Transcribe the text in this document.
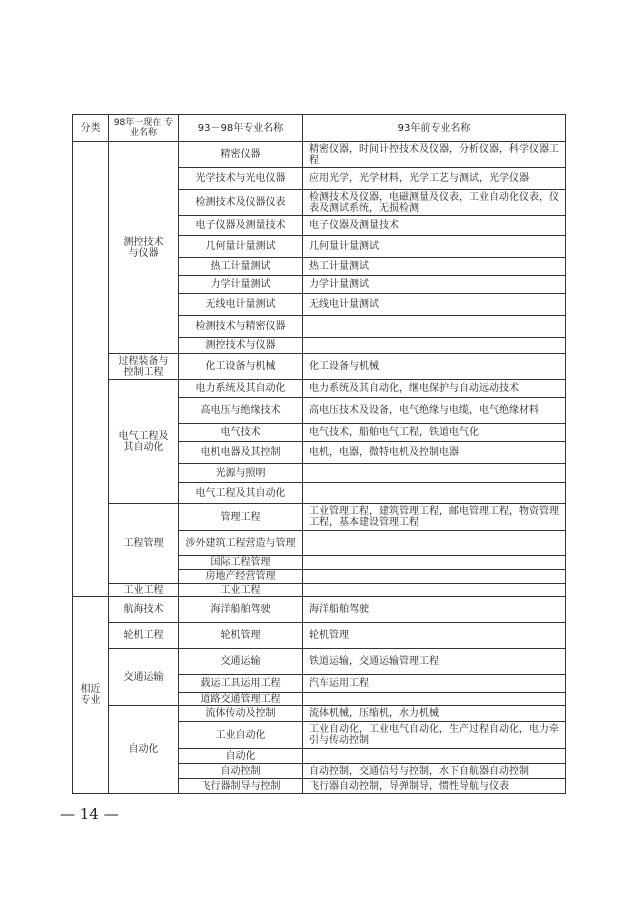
分类	98年一现在 专业名称	93－98年专业名称	93年前专业名称
	测控技术与仪器	精密仪器	精密仪器，时间计控技术及仪器，分析仪器，科学仪器工程
		光学技术与光电仪器	应用光学，光学材料，光学工艺与测试，光学仪器
		检测技术及仪器仪表	检测技术及仪器，电磁测量及仪表，工业自动化仪表，仪表及测试系统，无损检测
		电子仪器及测量技术	电子仪器及测量技术
		几何量计量测试	几何量计量测试
		热工计量测试	热工计量测试
		力学计量测试	力学计量测试
		无线电计量测试	无线电计量测试
		检测技术与精密仪器	
		测控技术与仪器	
	过程装备与控制工程	化工设备与机械	化工设备与机械
	电气工程及其自动化	电力系统及其自动化	电力系统及其自动化，继电保护与自动远动技术
		高电压与绝缘技术	高电压技术及设备，电气绝缘与电缆，电气绝缘材料
		电气技术	电气技术，船舶电气工程，铁道电气化
		电机电器及其控制	电机，电器，微特电机及控制电器
		光源与照明	
		电气工程及其自动化	
	工程管理	管理工程	工业管理工程，建筑管理工程，邮电管理工程，物资管理工程，基本建设管理工程
		涉外建筑工程营造与管理	
		国际工程管理	
		房地产经营管理	
	工业工程	工业工程	
相近专业	航海技术	海洋船舶驾驶	海洋船舶驾驶
	轮机工程	轮机管理	轮机管理
	交通运输	交通运输	铁道运输，交通运输管理工程
		载运工具运用工程	汽车运用工程
		道路交通管理工程	
	自动化	流体传动及控制	流体机械，压缩机，水力机械
		工业自动化	工业自动化，工业电气自动化，生产过程自动化，电力牵引与传动控制
		自动化	
		自动控制	自动控制，交通信号与控制，水下自航器自动控制
		飞行器制导与控制	飞行器自动控制，导弹制导，惯性导航与仪表
— 14 —
